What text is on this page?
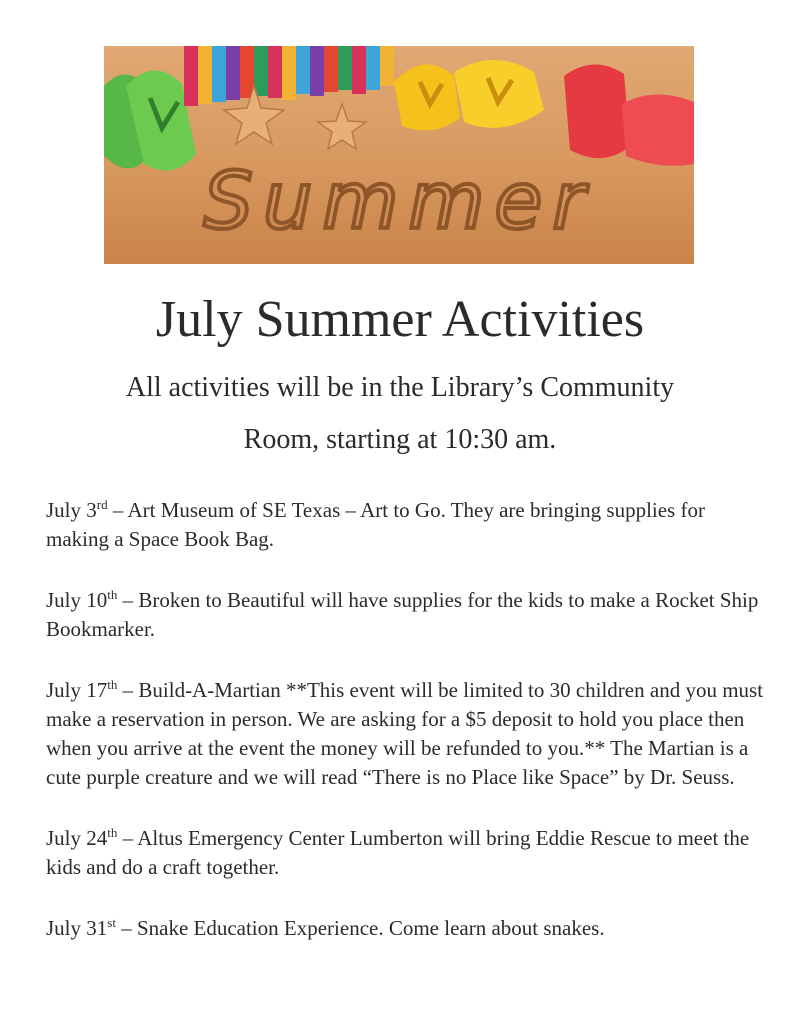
Summer
July Summer Activities
All activities will be in the Library’s Community
Room, starting at 10:30 am.

July 3rd – Art Museum of SE Texas – Art to Go. They are bringing supplies for making a Space Book Bag.

July 10th – Broken to Beautiful will have supplies for the kids to make a Rocket Ship Bookmarker.

July 17th – Build-A-Martian **This event will be limited to 30 children and you must make a reservation in person. We are asking for a $5 deposit to hold you place then when you arrive at the event the money will be refunded to you.** The Martian is a cute purple creature and we will read “There is no Place like Space” by Dr. Seuss.

July 24th – Altus Emergency Center Lumberton will bring Eddie Rescue to meet the kids and do a craft together.

July 31st – Snake Education Experience. Come learn about snakes.
